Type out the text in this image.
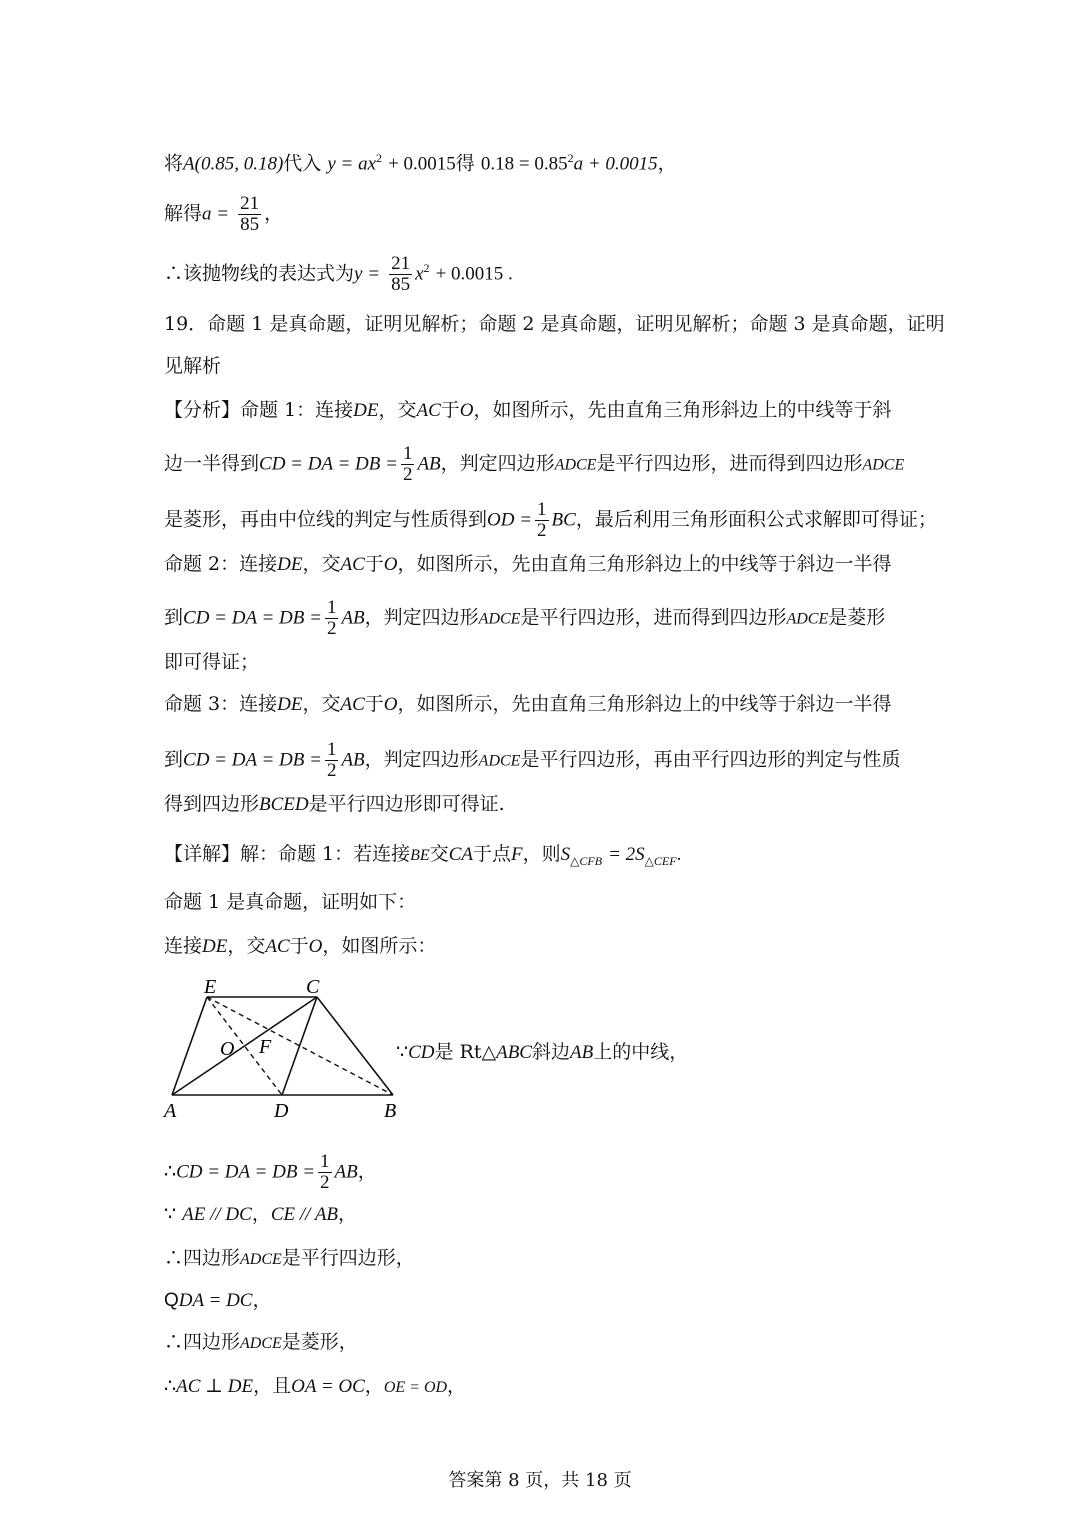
将A(0.85, 0.18)代入 $y = ax^2 + 0.0015$得 $0.18 = 0.85^2a + 0.0015$，
解得$a = \frac{21}{85}$ ，
∴该抛物线的表达式为$y = \frac{21}{85} x^2 + 0.0015$ .
19．命题 1 是真命题，证明见解析；命题 2 是真命题，证明见解析；命题 3 是真命题，证明
见解析
【分析】命题 1：连接DE，交AC于O，如图所示，先由直角三角形斜边上的中线等于斜
边一半得到CD = DA = DB = $\frac{1}{2}$ AB，判定四边形ADCE是平行四边形，进而得到四边形ADCE
是菱形，再由中位线的判定与性质得到OD = $\frac{1}{2}$ BC，最后利用三角形面积公式求解即可得证；
命题 2：连接DE，交AC于O，如图所示，先由直角三角形斜边上的中线等于斜边一半得
到CD = DA = DB = $\frac{1}{2}$ AB，判定四边形ADCE是平行四边形，进而得到四边形ADCE是菱形
即可得证；
命题 3：连接DE，交AC于O，如图所示，先由直角三角形斜边上的中线等于斜边一半得
到CD = DA = DB = $\frac{1}{2}$ AB，判定四边形ADCE是平行四边形，再由平行四边形的判定与性质
得到四边形BCED是平行四边形即可得证.
【详解】解：命题 1：若连接BE交CA于点F，则$S_{\triangle CFB} = 2S_{\triangle CEF}$.
命题 1 是真命题，证明如下：
连接DE，交AC于O，如图所示：
E	C
O F
A	D	B
∵CD是 Rt△ABC斜边AB上的中线，
∴CD = DA = DB = $\frac{1}{2}$ AB，
∵ AE // DC，CE // AB，
∴四边形ADCE是平行四边形，
QDA = DC，
∴四边形ADCE是菱形，
∴AC ⊥ DE，且OA = OC，OE = OD，
答案第 8 页，共 18 页
